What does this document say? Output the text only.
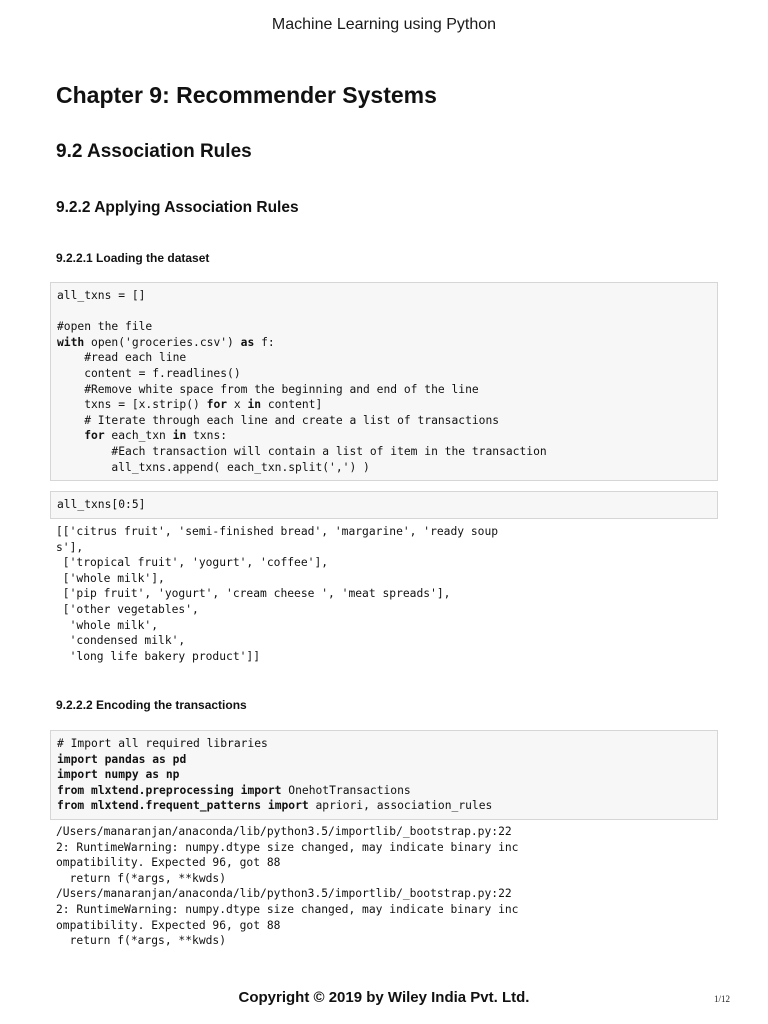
Machine Learning using Python
Chapter 9: Recommender Systems
9.2 Association Rules
9.2.2 Applying Association Rules
9.2.2.1 Loading the dataset
all_txns = []

#open the file
with open('groceries.csv') as f:
#read each line
content = f.readlines()
#Remove white space from the beginning and end of the line
txns = [x.strip() for x in content]
# Iterate through each line and create a list of transactions
for each_txn in txns:
#Each transaction will contain a list of item in the transaction
all_txns.append( each_txn.split(',') )
all_txns[0:5]
[['citrus fruit', 'semi-finished bread', 'margarine', 'ready soup
s'],
['tropical fruit', 'yogurt', 'coffee'],
['whole milk'],
['pip fruit', 'yogurt', 'cream cheese ', 'meat spreads'],
['other vegetables',
'whole milk',
'condensed milk',
'long life bakery product']]
9.2.2.2 Encoding the transactions
# Import all required libraries
import pandas as pd
import numpy as np
from mlxtend.preprocessing import OnehotTransactions
from mlxtend.frequent_patterns import apriori, association_rules
/Users/manaranjan/anaconda/lib/python3.5/importlib/_bootstrap.py:22
2: RuntimeWarning: numpy.dtype size changed, may indicate binary inc
ompatibility. Expected 96, got 88
return f(*args, **kwds)
/Users/manaranjan/anaconda/lib/python3.5/importlib/_bootstrap.py:22
2: RuntimeWarning: numpy.dtype size changed, may indicate binary inc
ompatibility. Expected 96, got 88
return f(*args, **kwds)
Copyright © 2019 by Wiley India Pvt. Ltd.	1/12
